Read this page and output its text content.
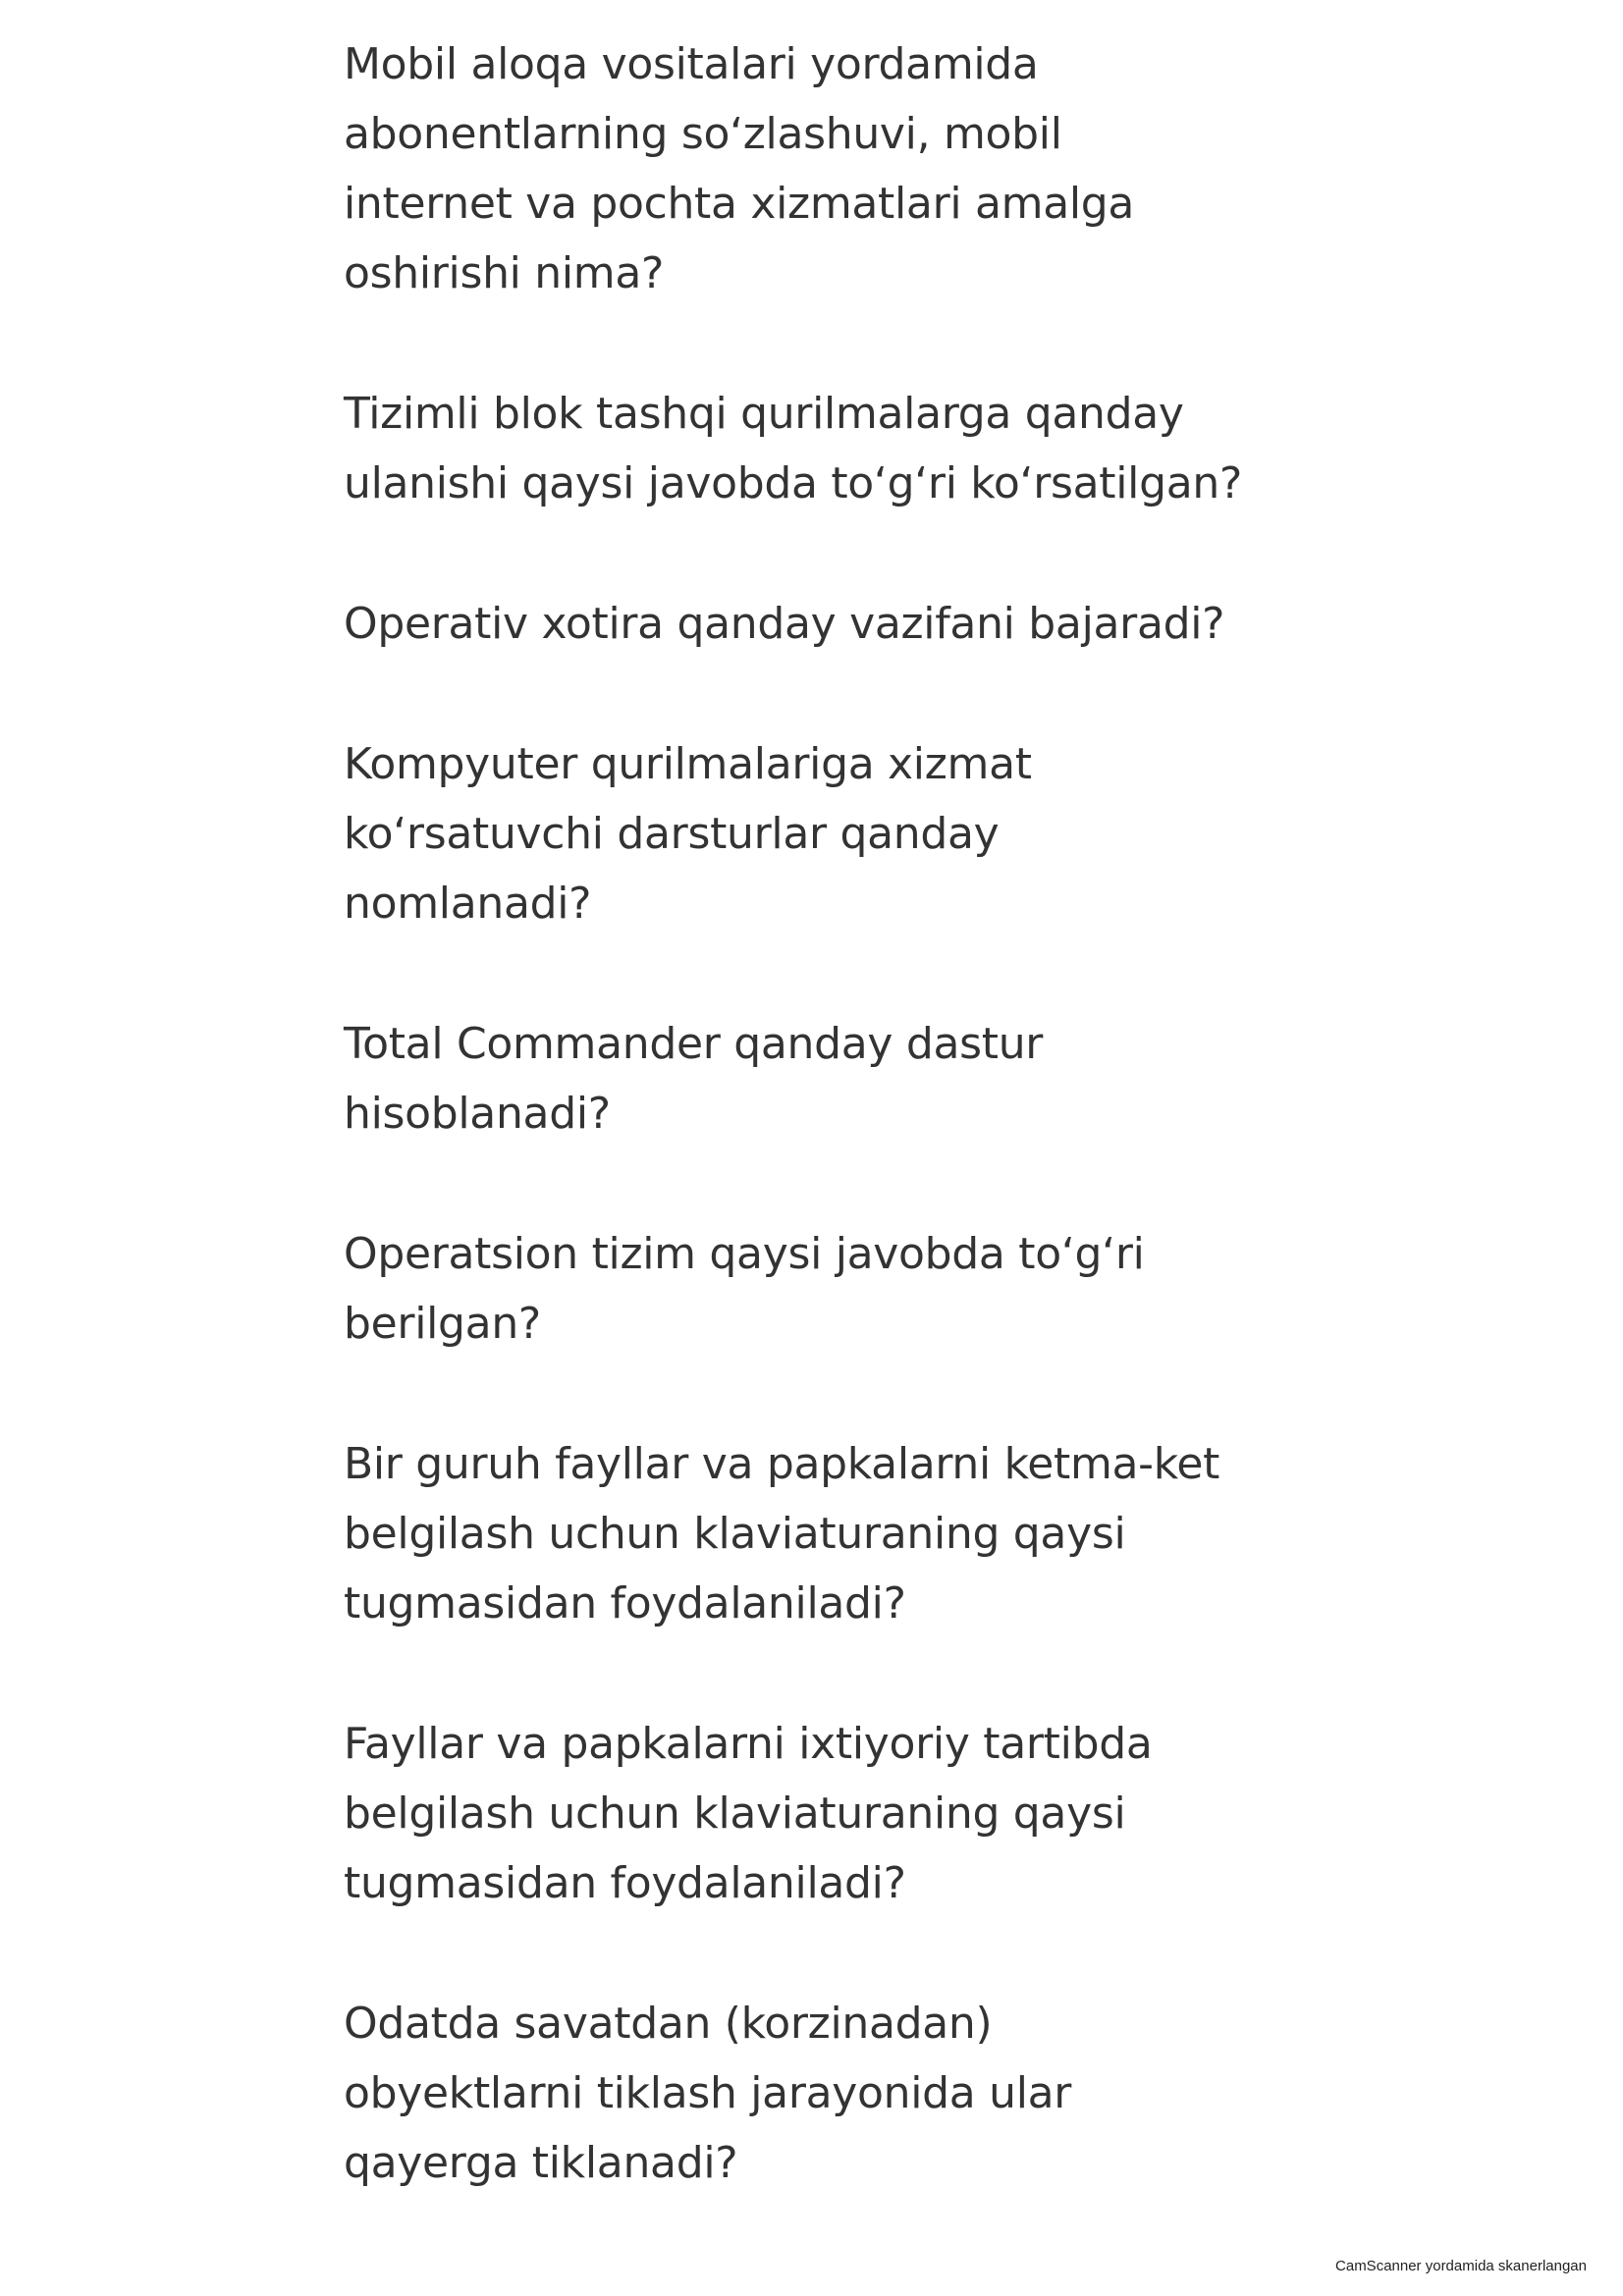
Mobil aloqa vositalari yordamida
abonentlarning so‘zlashuvi, mobil
internet va pochta xizmatlari amalga
oshirishi nima?
Tizimli blok tashqi qurilmalarga qanday
ulanishi qaysi javobda to‘g‘ri ko‘rsatilgan?
Operativ xotira qanday vazifani bajaradi?
Kompyuter qurilmalariga xizmat
ko‘rsatuvchi darsturlar qanday
nomlanadi?
Total Commander qanday dastur
hisoblanadi?
Operatsion tizim qaysi javobda to‘g‘ri
berilgan?
Bir guruh fayllar va papkalarni ketma-ket
belgilash uchun klaviaturaning qaysi
tugmasidan foydalaniladi?
Fayllar va papkalarni ixtiyoriy tartibda
belgilash uchun klaviaturaning qaysi
tugmasidan foydalaniladi?
Odatda savatdan (korzinadan)
obyektlarni tiklash jarayonida ular
qayerga tiklanadi?
CamScanner yordamida skanerlangan
